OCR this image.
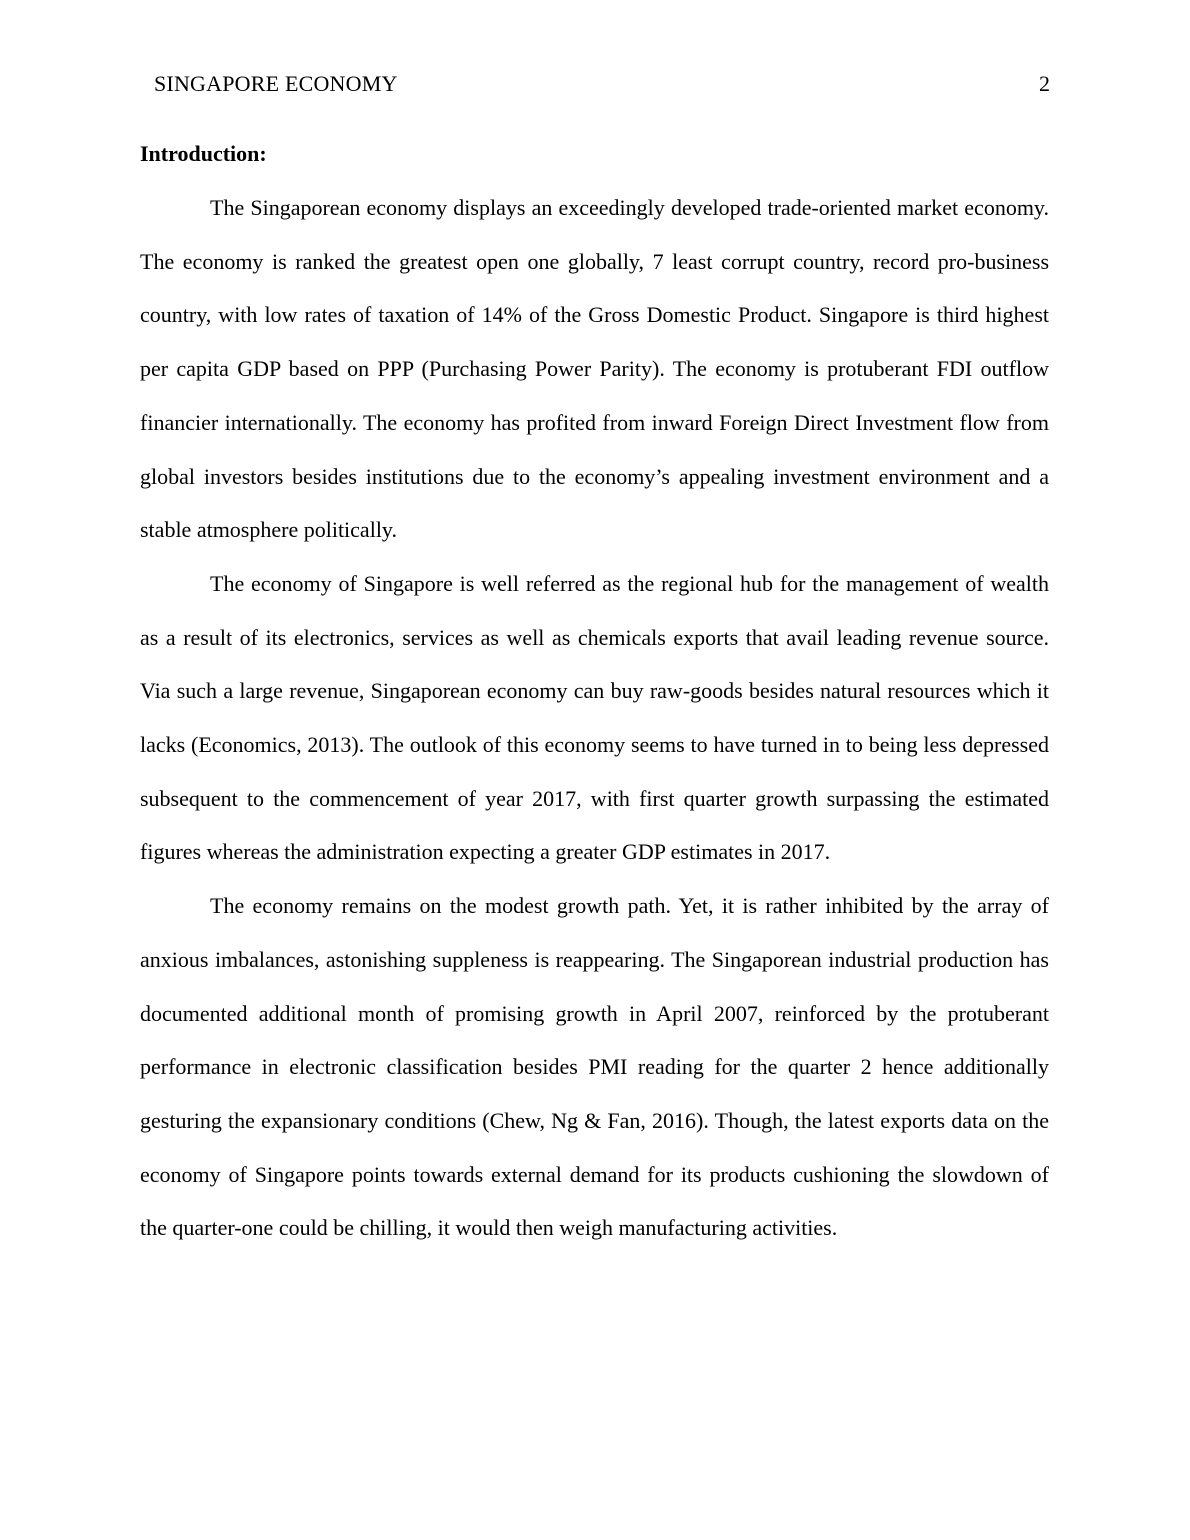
SINGAPORE ECONOMY	2

Introduction:

The Singaporean economy displays an exceedingly developed trade-oriented market economy. The economy is ranked the greatest open one globally, 7 least corrupt country, record pro-business country, with low rates of taxation of 14% of the Gross Domestic Product. Singapore is third highest per capita GDP based on PPP (Purchasing Power Parity). The economy is protuberant FDI outflow financier internationally. The economy has profited from inward Foreign Direct Investment flow from global investors besides institutions due to the economy’s appealing investment environment and a stable atmosphere politically.

The economy of Singapore is well referred as the regional hub for the management of wealth as a result of its electronics, services as well as chemicals exports that avail leading revenue source. Via such a large revenue, Singaporean economy can buy raw-goods besides natural resources which it lacks (Economics, 2013). The outlook of this economy seems to have turned in to being less depressed subsequent to the commencement of year 2017, with first quarter growth surpassing the estimated figures whereas the administration expecting a greater GDP estimates in 2017.

The economy remains on the modest growth path. Yet, it is rather inhibited by the array of anxious imbalances, astonishing suppleness is reappearing. The Singaporean industrial production has documented additional month of promising growth in April 2007, reinforced by the protuberant performance in electronic classification besides PMI reading for the quarter 2 hence additionally gesturing the expansionary conditions (Chew, Ng & Fan, 2016). Though, the latest exports data on the economy of Singapore points towards external demand for its products cushioning the slowdown of the quarter-one could be chilling, it would then weigh manufacturing activities.
